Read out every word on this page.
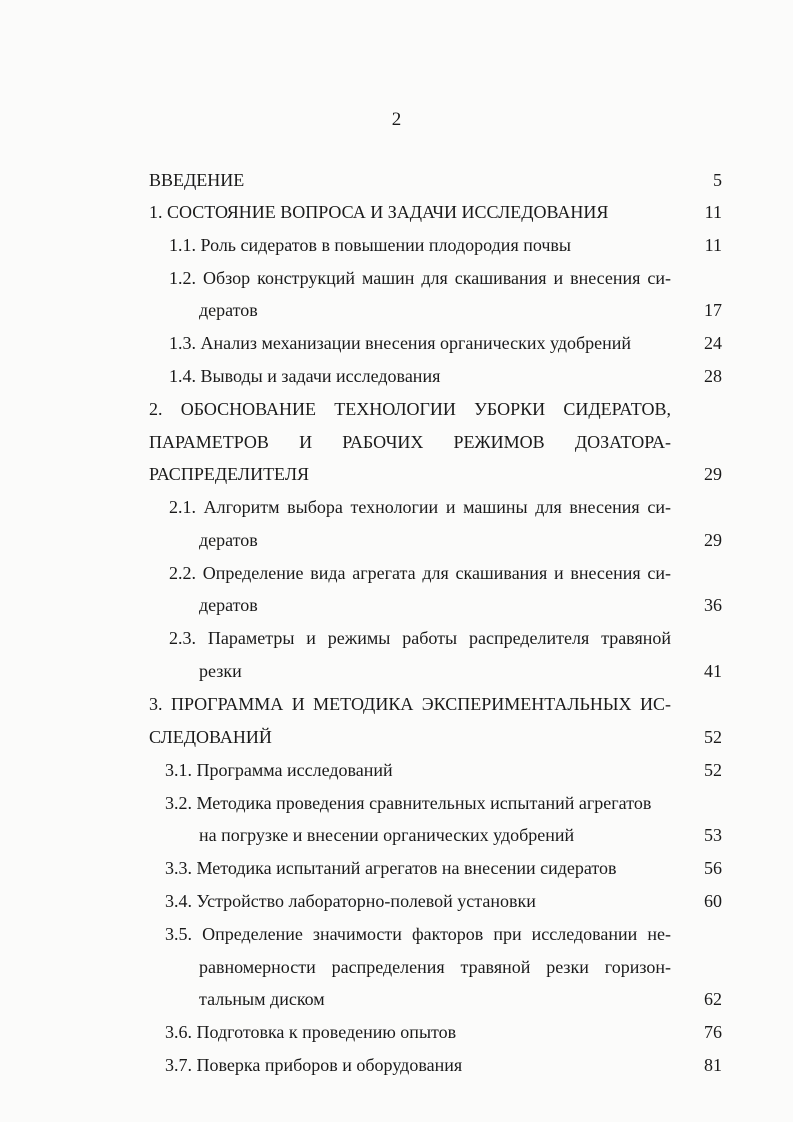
2
ВВЕДЕНИЕ	5
1. СОСТОЯНИЕ ВОПРОСА И ЗАДАЧИ ИССЛЕДОВАНИЯ	11
1.1. Роль сидератов в повышении плодородия почвы	11
1.2. Обзор конструкций машин для скашивания и внесения си-
дератов	17
1.3. Анализ механизации внесения органических удобрений	24
1.4. Выводы и задачи исследования	28
2. ОБОСНОВАНИЕ ТЕХНОЛОГИИ УБОРКИ СИДЕРАТОВ,
ПАРАМЕТРОВ И РАБОЧИХ РЕЖИМОВ ДОЗАТОРА-
РАСПРЕДЕЛИТЕЛЯ	29
2.1. Алгоритм выбора технологии и машины для внесения си-
дератов	29
2.2. Определение вида агрегата для скашивания и внесения си-
дератов	36
2.3. Параметры и режимы работы распределителя травяной
резки	41
3. ПРОГРАММА И МЕТОДИКА ЭКСПЕРИМЕНТАЛЬНЫХ ИС-
СЛЕДОВАНИЙ	52
3.1. Программа исследований	52
3.2. Методика проведения сравнительных испытаний агрегатов
на погрузке и внесении органических удобрений	53
3.3. Методика испытаний агрегатов на внесении сидератов	56
3.4. Устройство лабораторно-полевой установки	60
3.5. Определение значимости факторов при исследовании не-
равномерности распределения травяной резки горизон-
тальным диском	62
3.6. Подготовка к проведению опытов	76
3.7. Поверка приборов и оборудования	81
